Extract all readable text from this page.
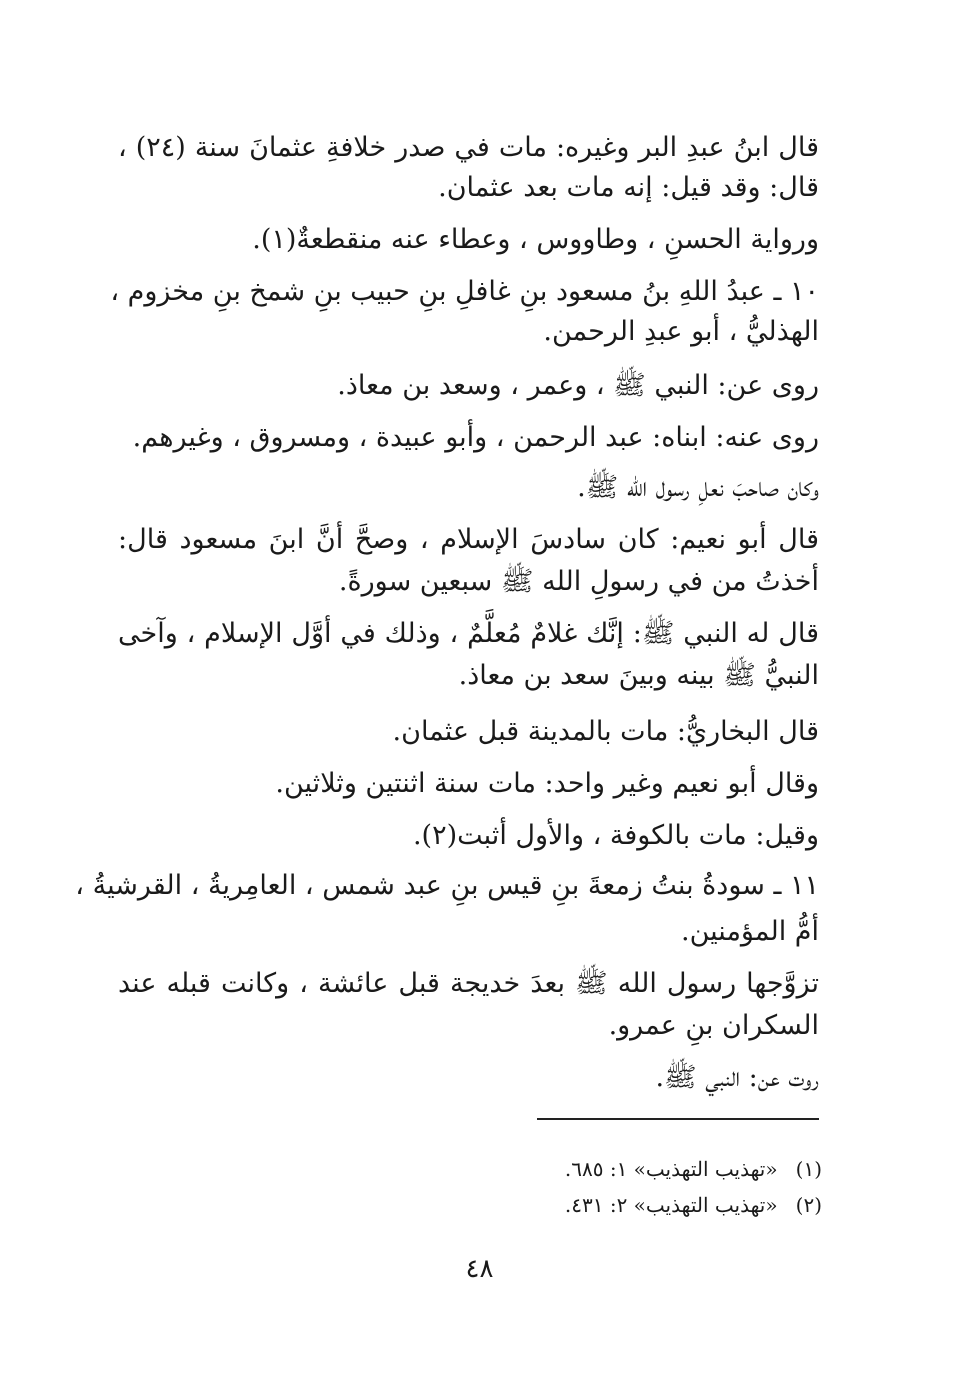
قال ابنُ عبدِ البر وغيره: مات في صدر خلافةِ عثمانَ سنة (٢٤) ،
قال: وقد قيل: إنه مات بعد عثمان.
ورواية الحسنِ ، وطاووس ، وعطاء عنه منقطعةٌ(١).
١٠ ـ عبدُ اللهِ بنُ مسعود بنِ غافلِ بنِ حبيب بنِ شمخ بنِ مخزوم ،
الهذليُّ ، أبو عبدِ الرحمن.
روى عن: النبي ﷺ ، وعمر ، وسعد بن معاذ.
روى عنه: ابناه: عبد الرحمن ، وأبو عبيدة ، ومسروق ، وغيرهم.
وكان صاحبَ نعلِ رسول الله ﷺ.
قال أبو نعيم: كان سادسَ الإسلام ، وصحَّ أنَّ ابنَ مسعود قال:
أخذتُ من في رسولِ الله ﷺ سبعين سورةً.
قال له النبي ﷺ: إنَّك غلامٌ مُعلَّمٌ ، وذلك في أوَّل الإسلام ، وآخى
النبيُّ ﷺ بينه وبينَ سعد بن معاذ.
قال البخاريُّ: مات بالمدينة قبل عثمان.
وقال أبو نعيم وغير واحد: مات سنة اثنتين وثلاثين.
وقيل: مات بالكوفة ، والأول أثبت(٢).
١١ ـ سودةُ بنتُ زمعةَ بنِ قيس بنِ عبد شمس ، العامِريةُ ، القرشيةُ ،
أمُّ المؤمنين.
تزوَّجها رسول الله ﷺ بعدَ خديجة قبل عائشة ، وكانت قبله عند
السكران بنِ عمرو.
روت عن: النبي ﷺ.
(١)«تهذيب التهذيب» ١: ٦٨٥.
(٢)«تهذيب التهذيب» ٢: ٤٣١.
٤٨
